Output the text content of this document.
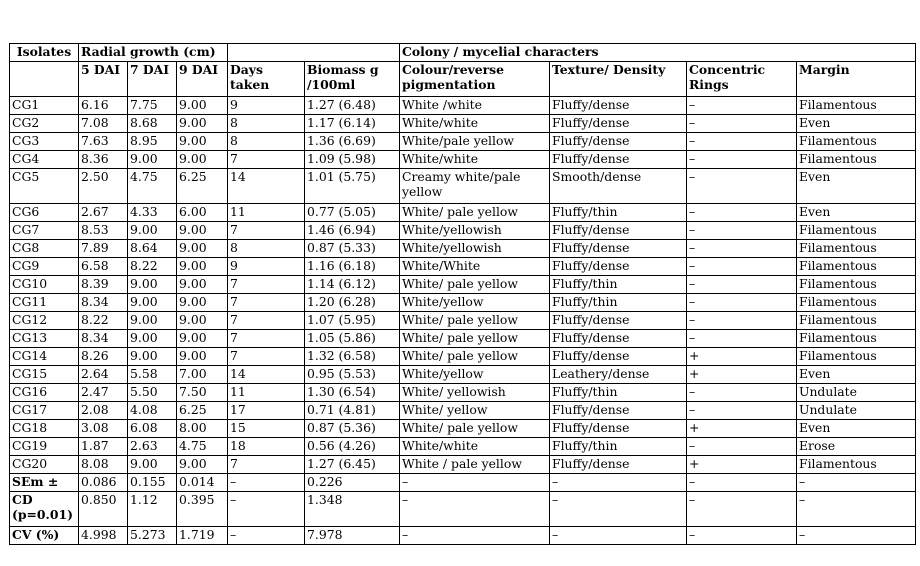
Isolates	Radial growth (cm)					Colony / mycelial characters			
	5 DAI	7 DAI	9 DAI	Days taken	Biomass g /100ml	Colour/reverse pigmentation	Texture/ Density	Concentric Rings	Margin
CG1	6.16	7.75	9.00	9	1.27 (6.48)	White /white	Fluffy/dense	–	Filamentous
CG2	7.08	8.68	9.00	8	1.17 (6.14)	White/white	Fluffy/dense	–	Even
CG3	7.63	8.95	9.00	8	1.36 (6.69)	White/pale yellow	Fluffy/dense	–	Filamentous
CG4	8.36	9.00	9.00	7	1.09 (5.98)	White/white	Fluffy/dense	–	Filamentous
CG5	2.50	4.75	6.25	14	1.01 (5.75)	Creamy white/pale yellow	Smooth/dense	–	Even
CG6	2.67	4.33	6.00	11	0.77 (5.05)	White/ pale yellow	Fluffy/thin	–	Even
CG7	8.53	9.00	9.00	7	1.46 (6.94)	White/yellowish	Fluffy/dense	–	Filamentous
CG8	7.89	8.64	9.00	8	0.87 (5.33)	White/yellowish	Fluffy/dense	–	Filamentous
CG9	6.58	8.22	9.00	9	1.16 (6.18)	White/White	Fluffy/dense	–	Filamentous
CG10	8.39	9.00	9.00	7	1.14 (6.12)	White/ pale yellow	Fluffy/thin	–	Filamentous
CG11	8.34	9.00	9.00	7	1.20 (6.28)	White/yellow	Fluffy/thin	–	Filamentous
CG12	8.22	9.00	9.00	7	1.07 (5.95)	White/ pale yellow	Fluffy/dense	–	Filamentous
CG13	8.34	9.00	9.00	7	1.05 (5.86)	White/ pale yellow	Fluffy/dense	–	Filamentous
CG14	8.26	9.00	9.00	7	1.32 (6.58)	White/ pale yellow	Fluffy/dense	+	Filamentous
CG15	2.64	5.58	7.00	14	0.95 (5.53)	White/yellow	Leathery/dense	+	Even
CG16	2.47	5.50	7.50	11	1.30 (6.54)	White/ yellowish	Fluffy/thin	–	Undulate
CG17	2.08	4.08	6.25	17	0.71 (4.81)	White/ yellow	Fluffy/dense	–	Undulate
CG18	3.08	6.08	8.00	15	0.87 (5.36)	White/ pale yellow	Fluffy/dense	+	Even
CG19	1.87	2.63	4.75	18	0.56 (4.26)	White/white	Fluffy/thin	–	Erose
CG20	8.08	9.00	9.00	7	1.27 (6.45)	White / pale yellow	Fluffy/dense	+	Filamentous
SEm ±	0.086	0.155	0.014	–	0.226	–	–	–	–
CD (p=0.01)	0.850	1.12	0.395	–	1.348	–	–	–	–
CV (%)	4.998	5.273	1.719	–	7.978	–	–	–	–
